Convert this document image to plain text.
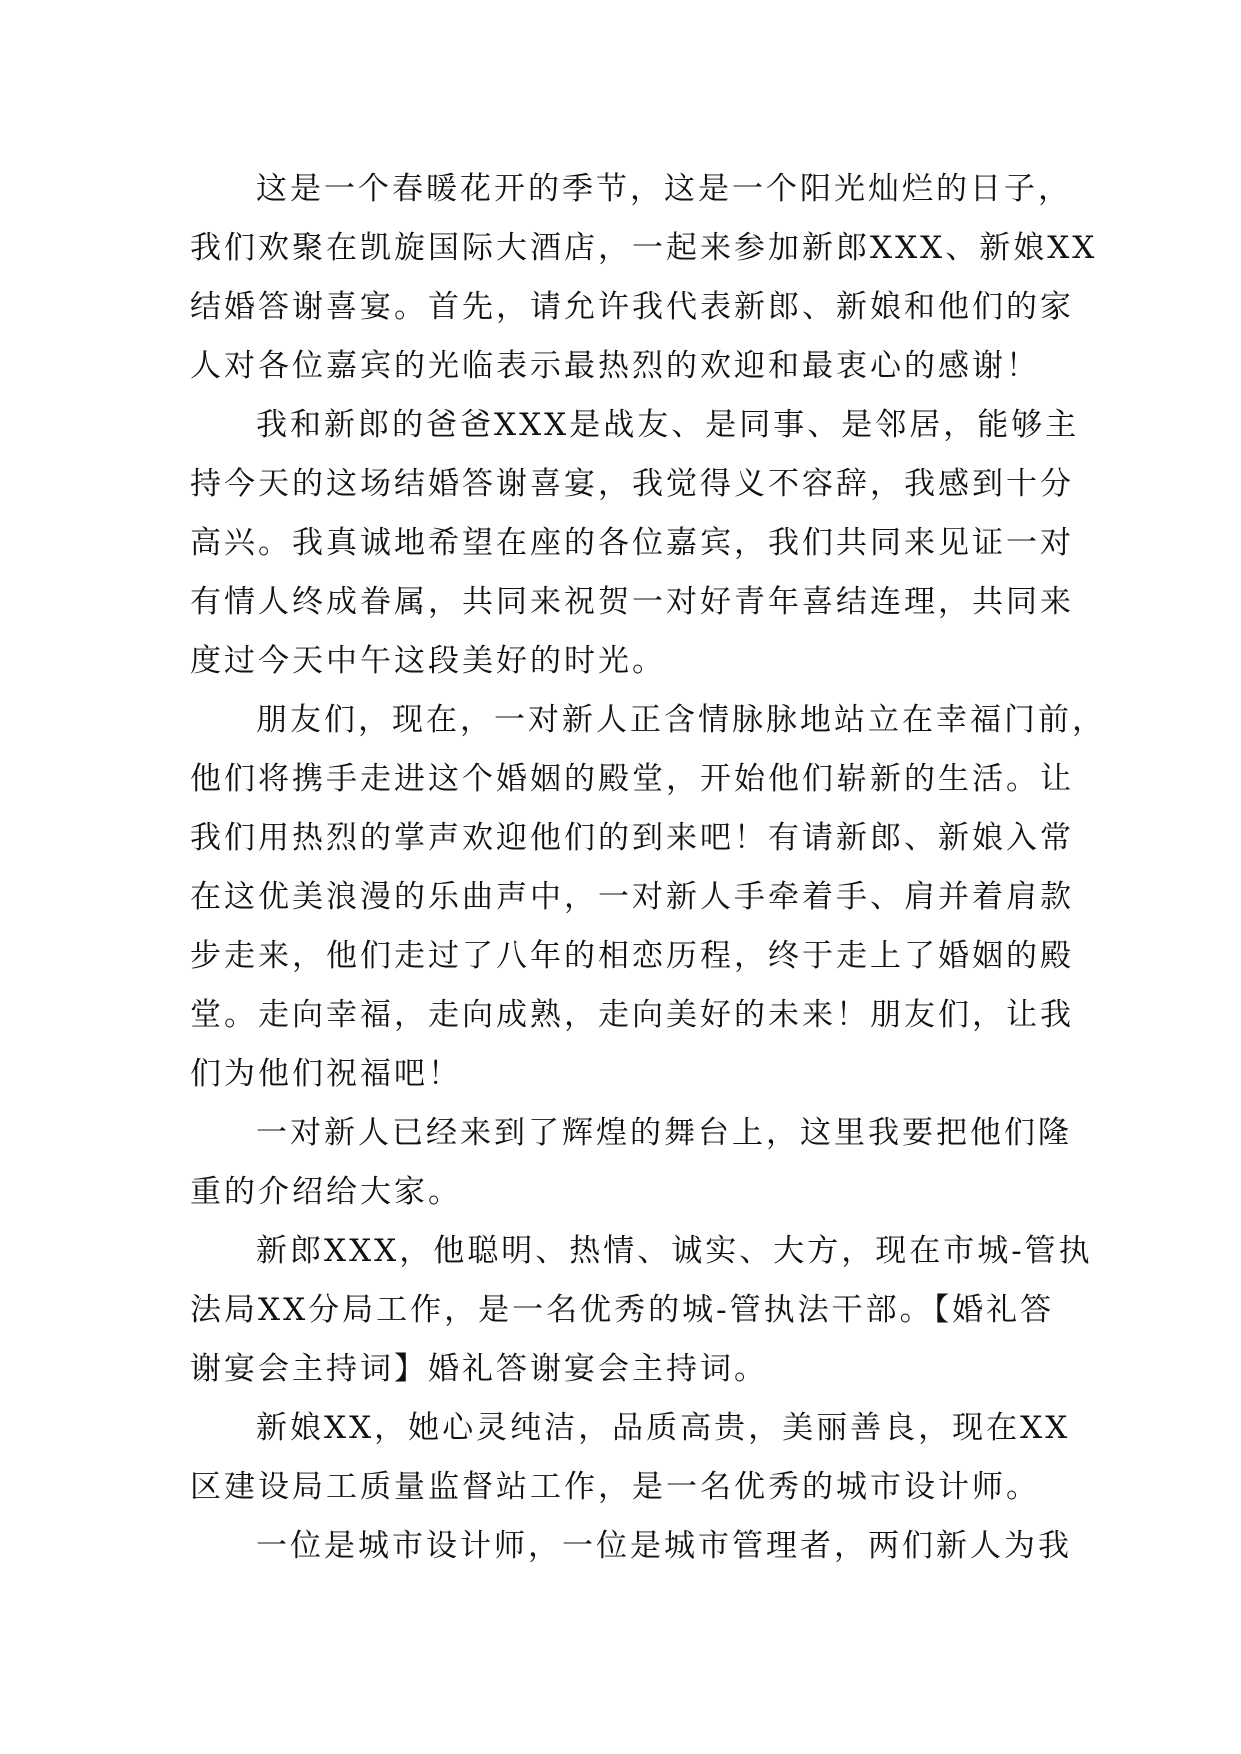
这是一个春暖花开的季节，这是一个阳光灿烂的日子，
我们欢聚在凯旋国际大酒店，一起来参加新郎XXX、新娘XX
结婚答谢喜宴。首先，请允许我代表新郎、新娘和他们的家
人对各位嘉宾的光临表示最热烈的欢迎和最衷心的感谢！
我和新郎的爸爸XXX是战友、是同事、是邻居，能够主
持今天的这场结婚答谢喜宴，我觉得义不容辞，我感到十分
高兴。我真诚地希望在座的各位嘉宾，我们共同来见证一对
有情人终成眷属，共同来祝贺一对好青年喜结连理，共同来
度过今天中午这段美好的时光。
朋友们，现在，一对新人正含情脉脉地站立在幸福门前，
他们将携手走进这个婚姻的殿堂，开始他们崭新的生活。让
我们用热烈的掌声欢迎他们的到来吧！有请新郎、新娘入常
在这优美浪漫的乐曲声中，一对新人手牵着手、肩并着肩款
步走来，他们走过了八年的相恋历程，终于走上了婚姻的殿
堂。走向幸福，走向成熟，走向美好的未来！朋友们，让我
们为他们祝福吧！
一对新人已经来到了辉煌的舞台上，这里我要把他们隆
重的介绍给大家。
新郎XXX，他聪明、热情、诚实、大方，现在市城-管执
法局XX分局工作，是一名优秀的城-管执法干部。【婚礼答
谢宴会主持词】婚礼答谢宴会主持词。
新娘XX，她心灵纯洁，品质高贵，美丽善良，现在XX
区建设局工质量监督站工作，是一名优秀的城市设计师。
一位是城市设计师，一位是城市管理者，两们新人为我
